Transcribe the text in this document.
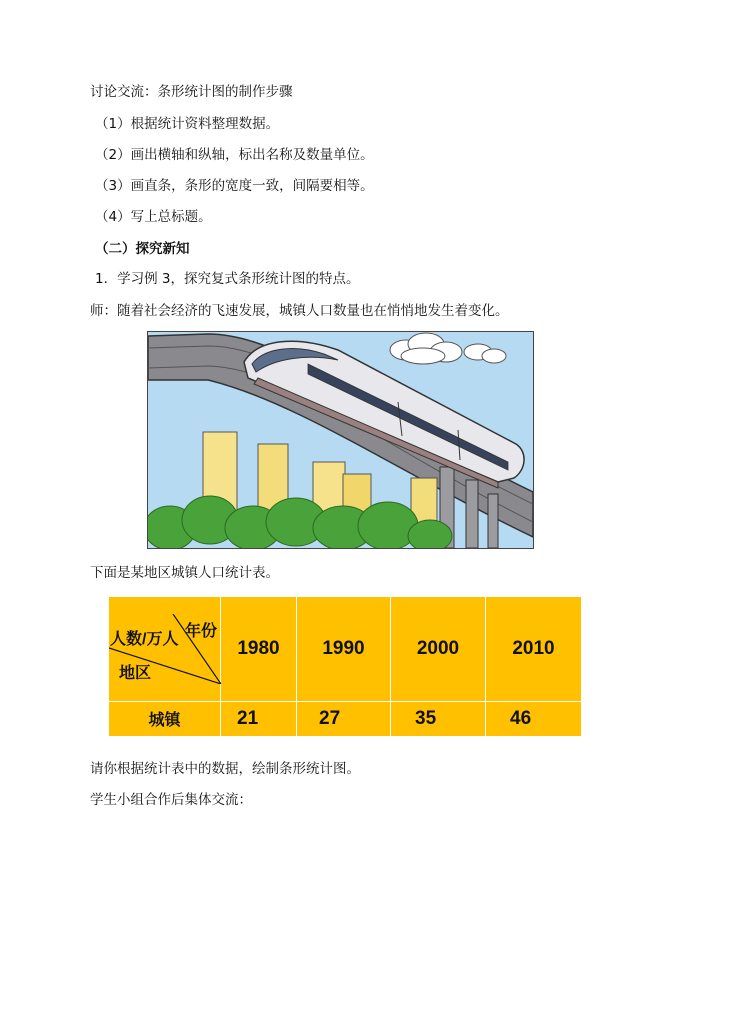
讨论交流：条形统计图的制作步骤
（1）根据统计资料整理数据。
（2）画出横轴和纵轴，标出名称及数量单位。
（3）画直条，条形的宽度一致，间隔要相等。
（4）写上总标题。
（二）探究新知
1．学习例 3，探究复式条形统计图的特点。
师：随着社会经济的飞速发展，城镇人口数量也在悄悄地发生着变化。
下面是某地区城镇人口统计表。
人数/万人 年份
地区	1980	1990	2000	2010
城镇	21	27	35	46
请你根据统计表中的数据，绘制条形统计图。
学生小组合作后集体交流：
